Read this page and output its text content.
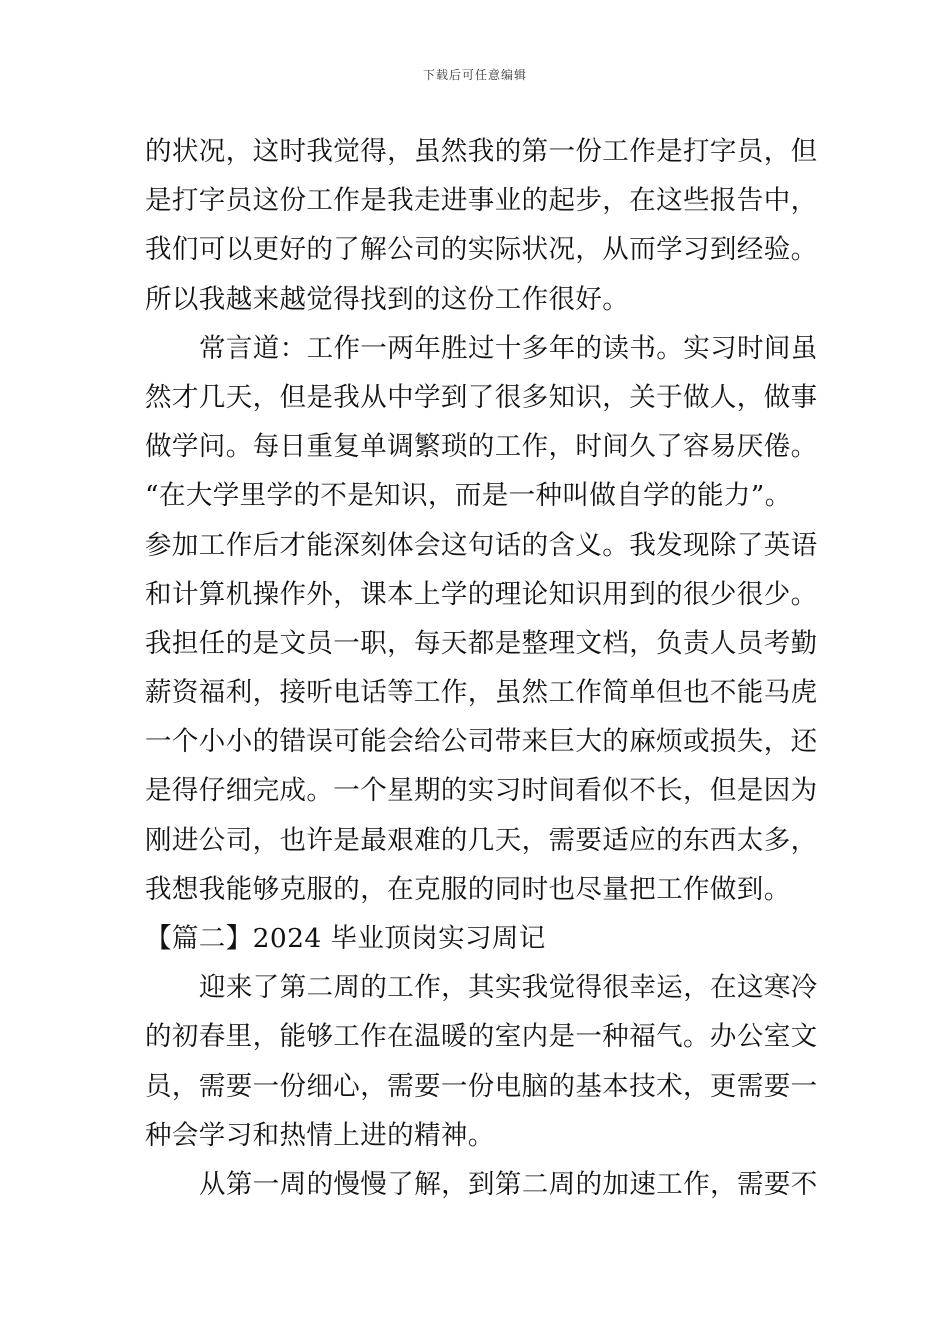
下载后可任意编辑
的状况，这时我觉得，虽然我的第一份工作是打字员，但
是打字员这份工作是我走进事业的起步，在这些报告中，
我们可以更好的了解公司的实际状况，从而学习到经验。
所以我越来越觉得找到的这份工作很好。
常言道：工作一两年胜过十多年的读书。实习时间虽
然才几天，但是我从中学到了很多知识，关于做人，做事
做学问。每日重复单调繁琐的工作，时间久了容易厌倦。
“在大学里学的不是知识，而是一种叫做自学的能力”。
参加工作后才能深刻体会这句话的含义。我发现除了英语
和计算机操作外，课本上学的理论知识用到的很少很少。
我担任的是文员一职，每天都是整理文档，负责人员考勤
薪资福利，接听电话等工作，虽然工作简单但也不能马虎
一个小小的错误可能会给公司带来巨大的麻烦或损失，还
是得仔细完成。一个星期的实习时间看似不长，但是因为
刚进公司，也许是最艰难的几天，需要适应的东西太多，
我想我能够克服的，在克服的同时也尽量把工作做到。
【篇二】2024 毕业顶岗实习周记
迎来了第二周的工作，其实我觉得很幸运，在这寒冷
的初春里，能够工作在温暖的室内是一种福气。办公室文
员，需要一份细心，需要一份电脑的基本技术，更需要一
种会学习和热情上进的精神。
从第一周的慢慢了解，到第二周的加速工作，需要不
